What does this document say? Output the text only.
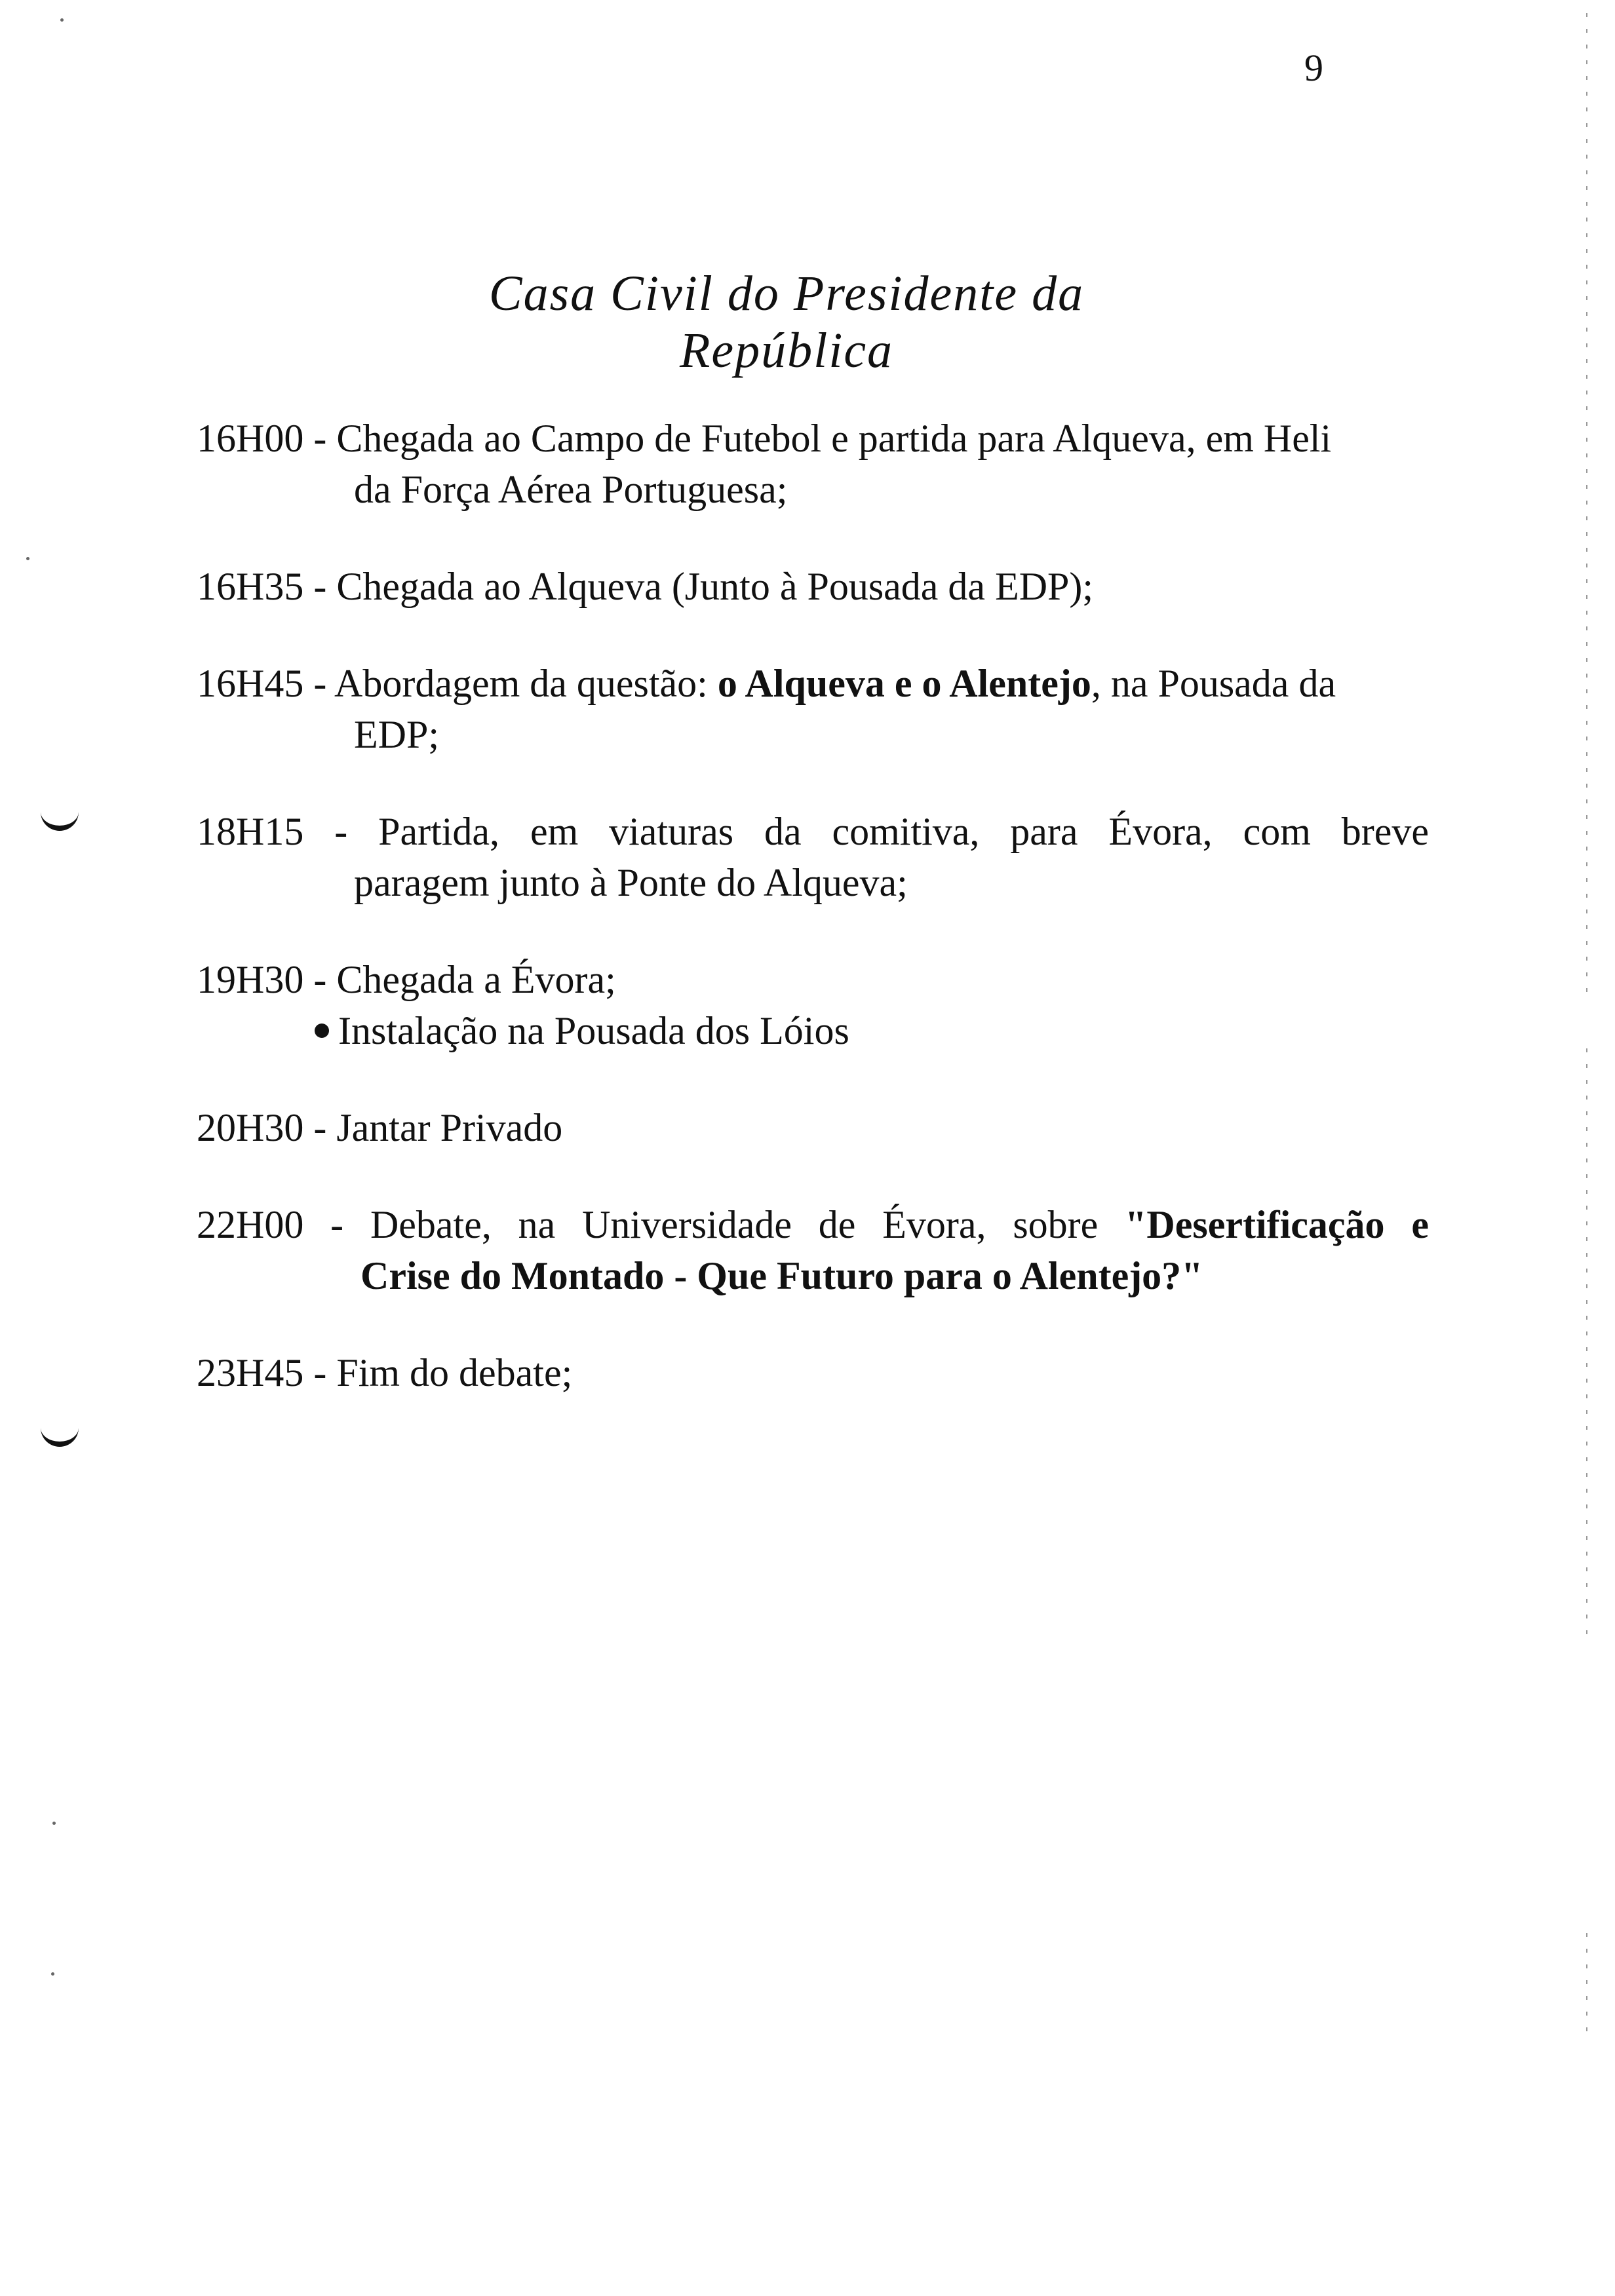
9
Casa Civil do Presidente da República
16H00 - Chegada ao Campo de Futebol e partida para Alqueva, em Heli
da Força Aérea Portuguesa;
16H35 - Chegada ao Alqueva (Junto à Pousada da EDP);
16H45 - Abordagem da questão: o Alqueva e o Alentejo, na Pousada da
EDP;
18H15 - Partida, em viaturas da comitiva, para Évora, com breve
paragem junto à Ponte do Alqueva;
19H30 - Chegada a Évora;
Instalação na Pousada dos Lóios
20H30 - Jantar Privado
22H00 - Debate, na Universidade de Évora, sobre "Desertificação e
Crise do Montado - Que Futuro para o Alentejo?"
23H45 - Fim do debate;
